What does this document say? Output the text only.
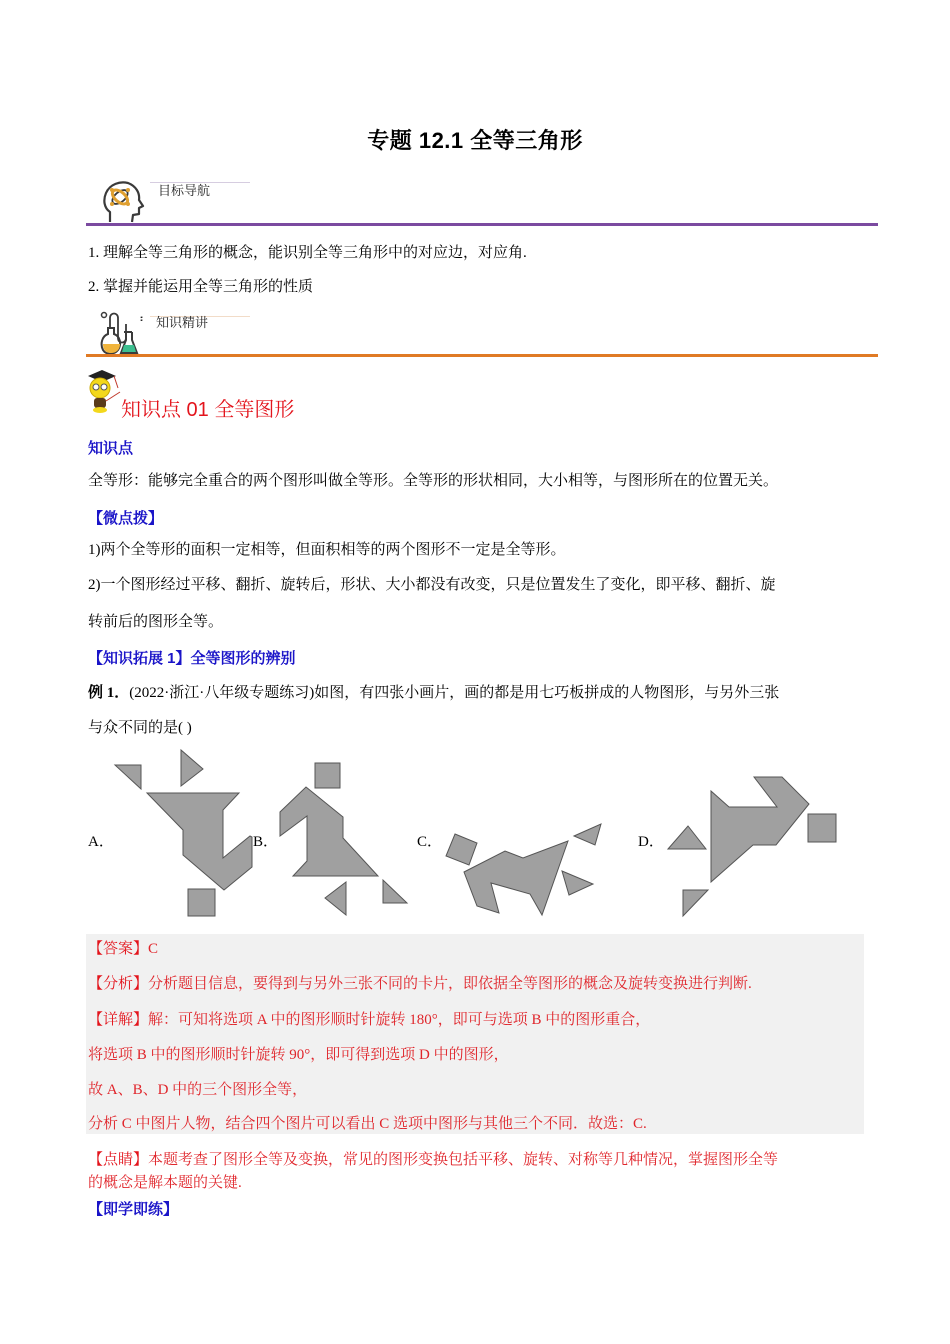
专题 12.1 全等三角形
目标导航
1. 理解全等三角形的概念，能识别全等三角形中的对应边，对应角.
2. 掌握并能运用全等三角形的性质
፡ 知识精讲
知识点 01 全等图形
知识点
全等形：能够完全重合的两个图形叫做全等形。全等形的形状相同，大小相等，与图形所在的位置无关。
【微点拨】
1)两个全等形的面积一定相等，但面积相等的两个图形不一定是全等形。
2)一个图形经过平移、翻折、旋转后，形状、大小都没有改变，只是位置发生了变化，即平移、翻折、旋
转前后的图形全等。
【知识拓展 1】全等图形的辨别
例 1．(2022·浙江·八年级专题练习)如图，有四张小画片，画的都是用七巧板拼成的人物图形，与另外三张
与众不同的是( )
A．	B．	C．	D．
【答案】C
【分析】分析题目信息，要得到与另外三张不同的卡片，即依据全等图形的概念及旋转变换进行判断.
【详解】解：可知将选项 A 中的图形顺时针旋转 180°，即可与选项 B 中的图形重合，
将选项 B 中的图形顺时针旋转 90°，即可得到选项 D 中的图形，
故 A、B、D 中的三个图形全等，
分析 C 中图片人物，结合四个图片可以看出 C 选项中图形与其他三个不同．故选：C.
【点睛】本题考查了图形全等及变换，常见的图形变换包括平移、旋转、对称等几种情况，掌握图形全等
的概念是解本题的关键.
【即学即练】
